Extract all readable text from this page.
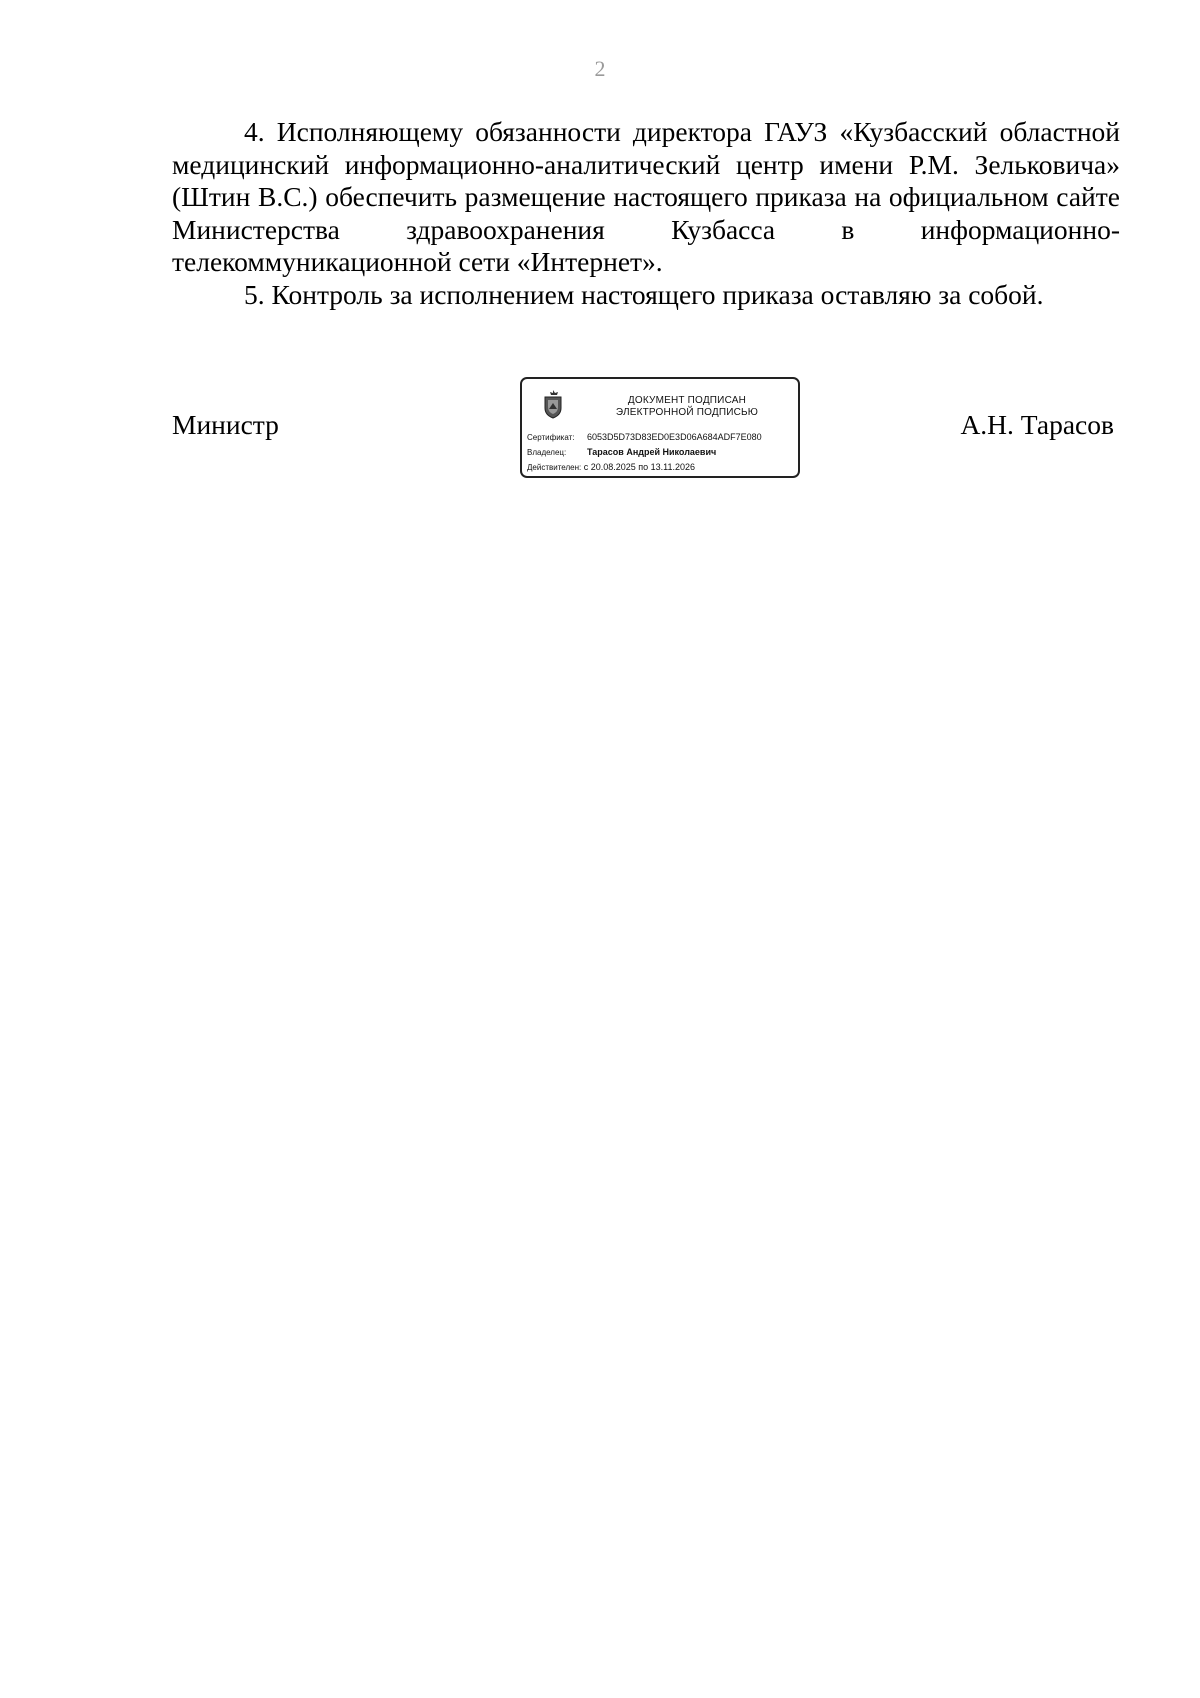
2

4. Исполняющему обязанности директора ГАУЗ «Кузбасский областной медицинский информационно-аналитический центр имени Р.М. Зельковича» (Штин В.С.) обеспечить размещение настоящего приказа на официальном сайте Министерства здравоохранения Кузбасса в информационно-телекоммуникационной сети «Интернет».

5. Контроль за исполнением настоящего приказа оставляю за собой.

Министр
ДОКУМЕНТ ПОДПИСАН
ЭЛЕКТРОННОЙ ПОДПИСЬЮ
Сертификат: 6053D5D73D83ED0E3D06A684ADF7E080
Владелец: Тарасов Андрей Николаевич
Действителен: с 20.08.2025 по 13.11.2026
А.Н. Тарасов
